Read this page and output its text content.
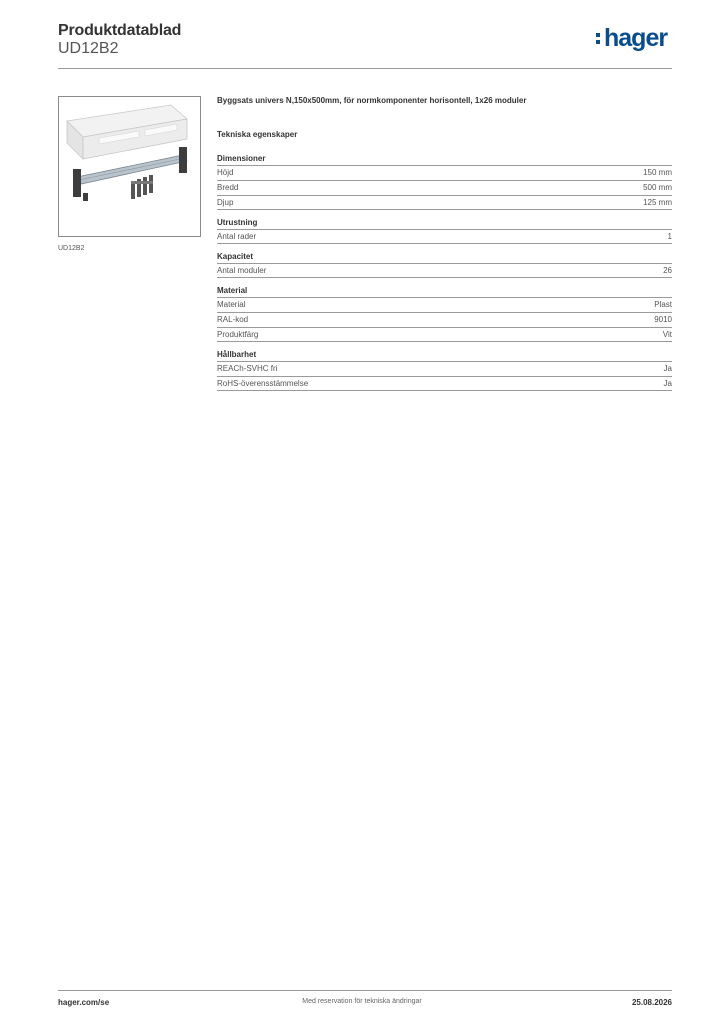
Produktdatablad
UD12B2	hager
UD12B2
Byggsats univers N,150x500mm, för normkomponenter horisontell, 1x26 moduler
Tekniska egenskaper
Dimensioner
Höjd	150 mm
Bredd	500 mm
Djup	125 mm
Utrustning
Antal rader	1
Kapacitet
Antal moduler	26
Material
Material	Plast
RAL-kod	9010
Produktfärg	Vit
Hållbarhet
REACh-SVHC fri	Ja
RoHS-överensstämmelse	Ja
hager.com/se	Med reservation för tekniska ändringar	25.08.2026
